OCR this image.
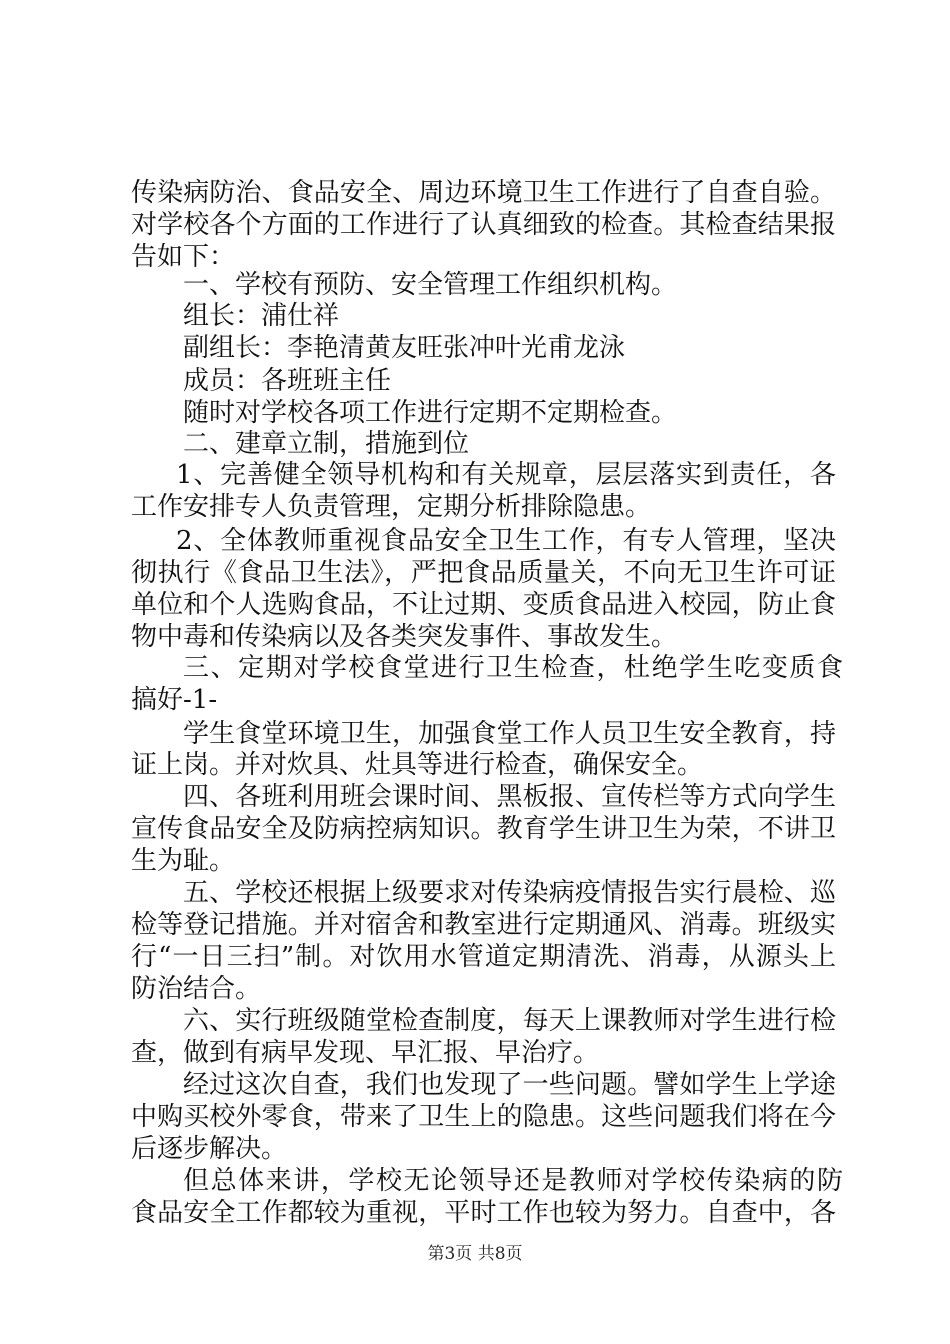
传染病防治、食品安全、周边环境卫生工作进行了自查自验。
对学校各个方面的工作进行了认真细致的检查。其检查结果报
告如下：
一、学校有预防、安全管理工作组织机构。
组长：浦仕祥
副组长：李艳清黄友旺张冲叶光甫龙泳
成员：各班班主任
随时对学校各项工作进行定期不定期检查。
二、建章立制，措施到位
1、完善健全领导机构和有关规章，层层落实到责任，各
工作安排专人负责管理，定期分析排除隐患。
2、全体教师重视食品安全卫生工作，有专人管理，坚决
彻执行《食品卫生法》，严把食品质量关，不向无卫生许可证
单位和个人选购食品，不让过期、变质食品进入校园，防止食
物中毒和传染病以及各类突发事件、事故发生。
三、定期对学校食堂进行卫生检查，杜绝学生吃变质食
搞好-1-
学生食堂环境卫生，加强食堂工作人员卫生安全教育，持
证上岗。并对炊具、灶具等进行检查，确保安全。
四、各班利用班会课时间、黑板报、宣传栏等方式向学生
宣传食品安全及防病控病知识。教育学生讲卫生为荣，不讲卫
生为耻。
五、学校还根据上级要求对传染病疫情报告实行晨检、巡
检等登记措施。并对宿舍和教室进行定期通风、消毒。班级实
行“一日三扫”制。对饮用水管道定期清洗、消毒，从源头上
防治结合。
六、实行班级随堂检查制度，每天上课教师对学生进行检
查，做到有病早发现、早汇报、早治疗。
经过这次自查，我们也发现了一些问题。譬如学生上学途
中购买校外零食，带来了卫生上的隐患。这些问题我们将在今
后逐步解决。
但总体来讲，学校无论领导还是教师对学校传染病的防
食品安全工作都较为重视，平时工作也较为努力。自查中，各
第3页 共8页
